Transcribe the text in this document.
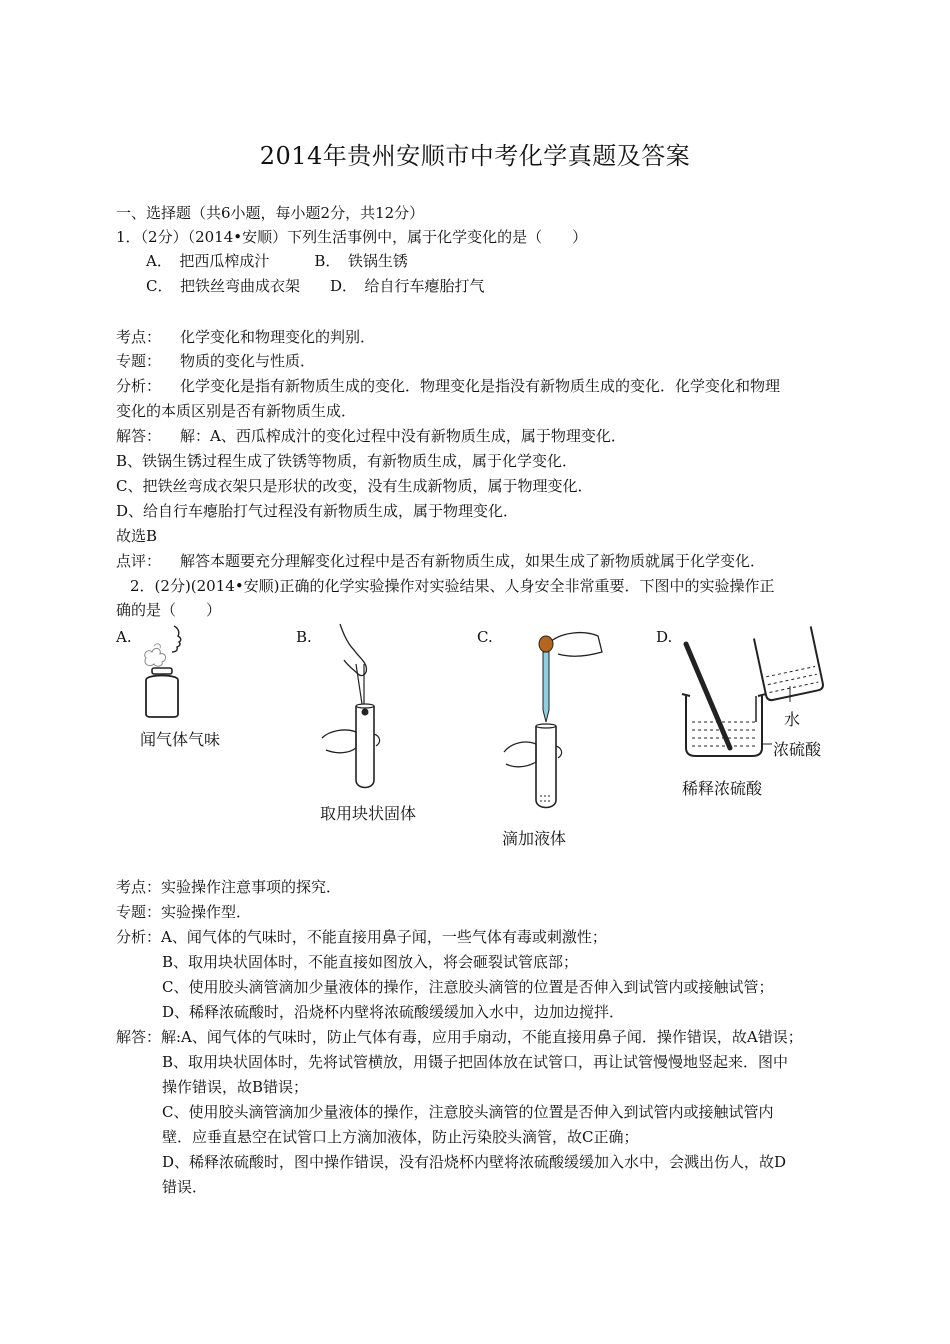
2014年贵州安顺市中考化学真题及答案
一、选择题（共6小题，每小题2分，共12分）
1．（2分）（2014•安顺）下列生活事例中，属于化学变化的是（　　）
A．　把西瓜榨成汁　　　B．　铁锅生锈
C．　把铁丝弯曲成衣架　　D．　给自行车瘪胎打气
考点： 化学变化和物理变化的判别．
专题： 物质的变化与性质．
分析： 化学变化是指有新物质生成的变化．物理变化是指没有新物质生成的变化．化学变化和物理
变化的本质区别是否有新物质生成．
解答： 解：A、西瓜榨成汁的变化过程中没有新物质生成，属于物理变化．
B、铁锅生锈过程生成了铁锈等物质，有新物质生成，属于化学变化．
C、把铁丝弯成衣架只是形状的改变，没有生成新物质，属于物理变化．
D、给自行车瘪胎打气过程没有新物质生成，属于物理变化．
故选B
点评： 解答本题要充分理解变化过程中是否有新物质生成，如果生成了新物质就属于化学变化．
2．(2分)(2014•安顺)正确的化学实验操作对实验结果、人身安全非常重要．下图中的实验操作正
确的是（　　）
A.
闻气体气味
B.
取用块状固体
C.
滴加液体
D.
水
浓硫酸
稀释浓硫酸
考点：实验操作注意事项的探究．
专题：实验操作型．
分析：A、闻气体的气味时，不能直接用鼻子闻，一些气体有毒或刺激性；
B、取用块状固体时，不能直接如图放入，将会砸裂试管底部；
C、使用胶头滴管滴加少量液体的操作，注意胶头滴管的位置是否伸入到试管内或接触试管；
D、稀释浓硫酸时，沿烧杯内壁将浓硫酸缓缓加入水中，边加边搅拌．
解答：解:A、闻气体的气味时，防止气体有毒，应用手扇动，不能直接用鼻子闻．操作错误，故A错误；
B、取用块状固体时，先将试管横放，用镊子把固体放在试管口，再让试管慢慢地竖起来．图中
操作错误，故B错误；
C、使用胶头滴管滴加少量液体的操作，注意胶头滴管的位置是否伸入到试管内或接触试管内
壁．应垂直悬空在试管口上方滴加液体，防止污染胶头滴管，故C正确；
D、稀释浓硫酸时，图中操作错误，没有沿烧杯内壁将浓硫酸缓缓加入水中，会溅出伤人，故D
错误．
